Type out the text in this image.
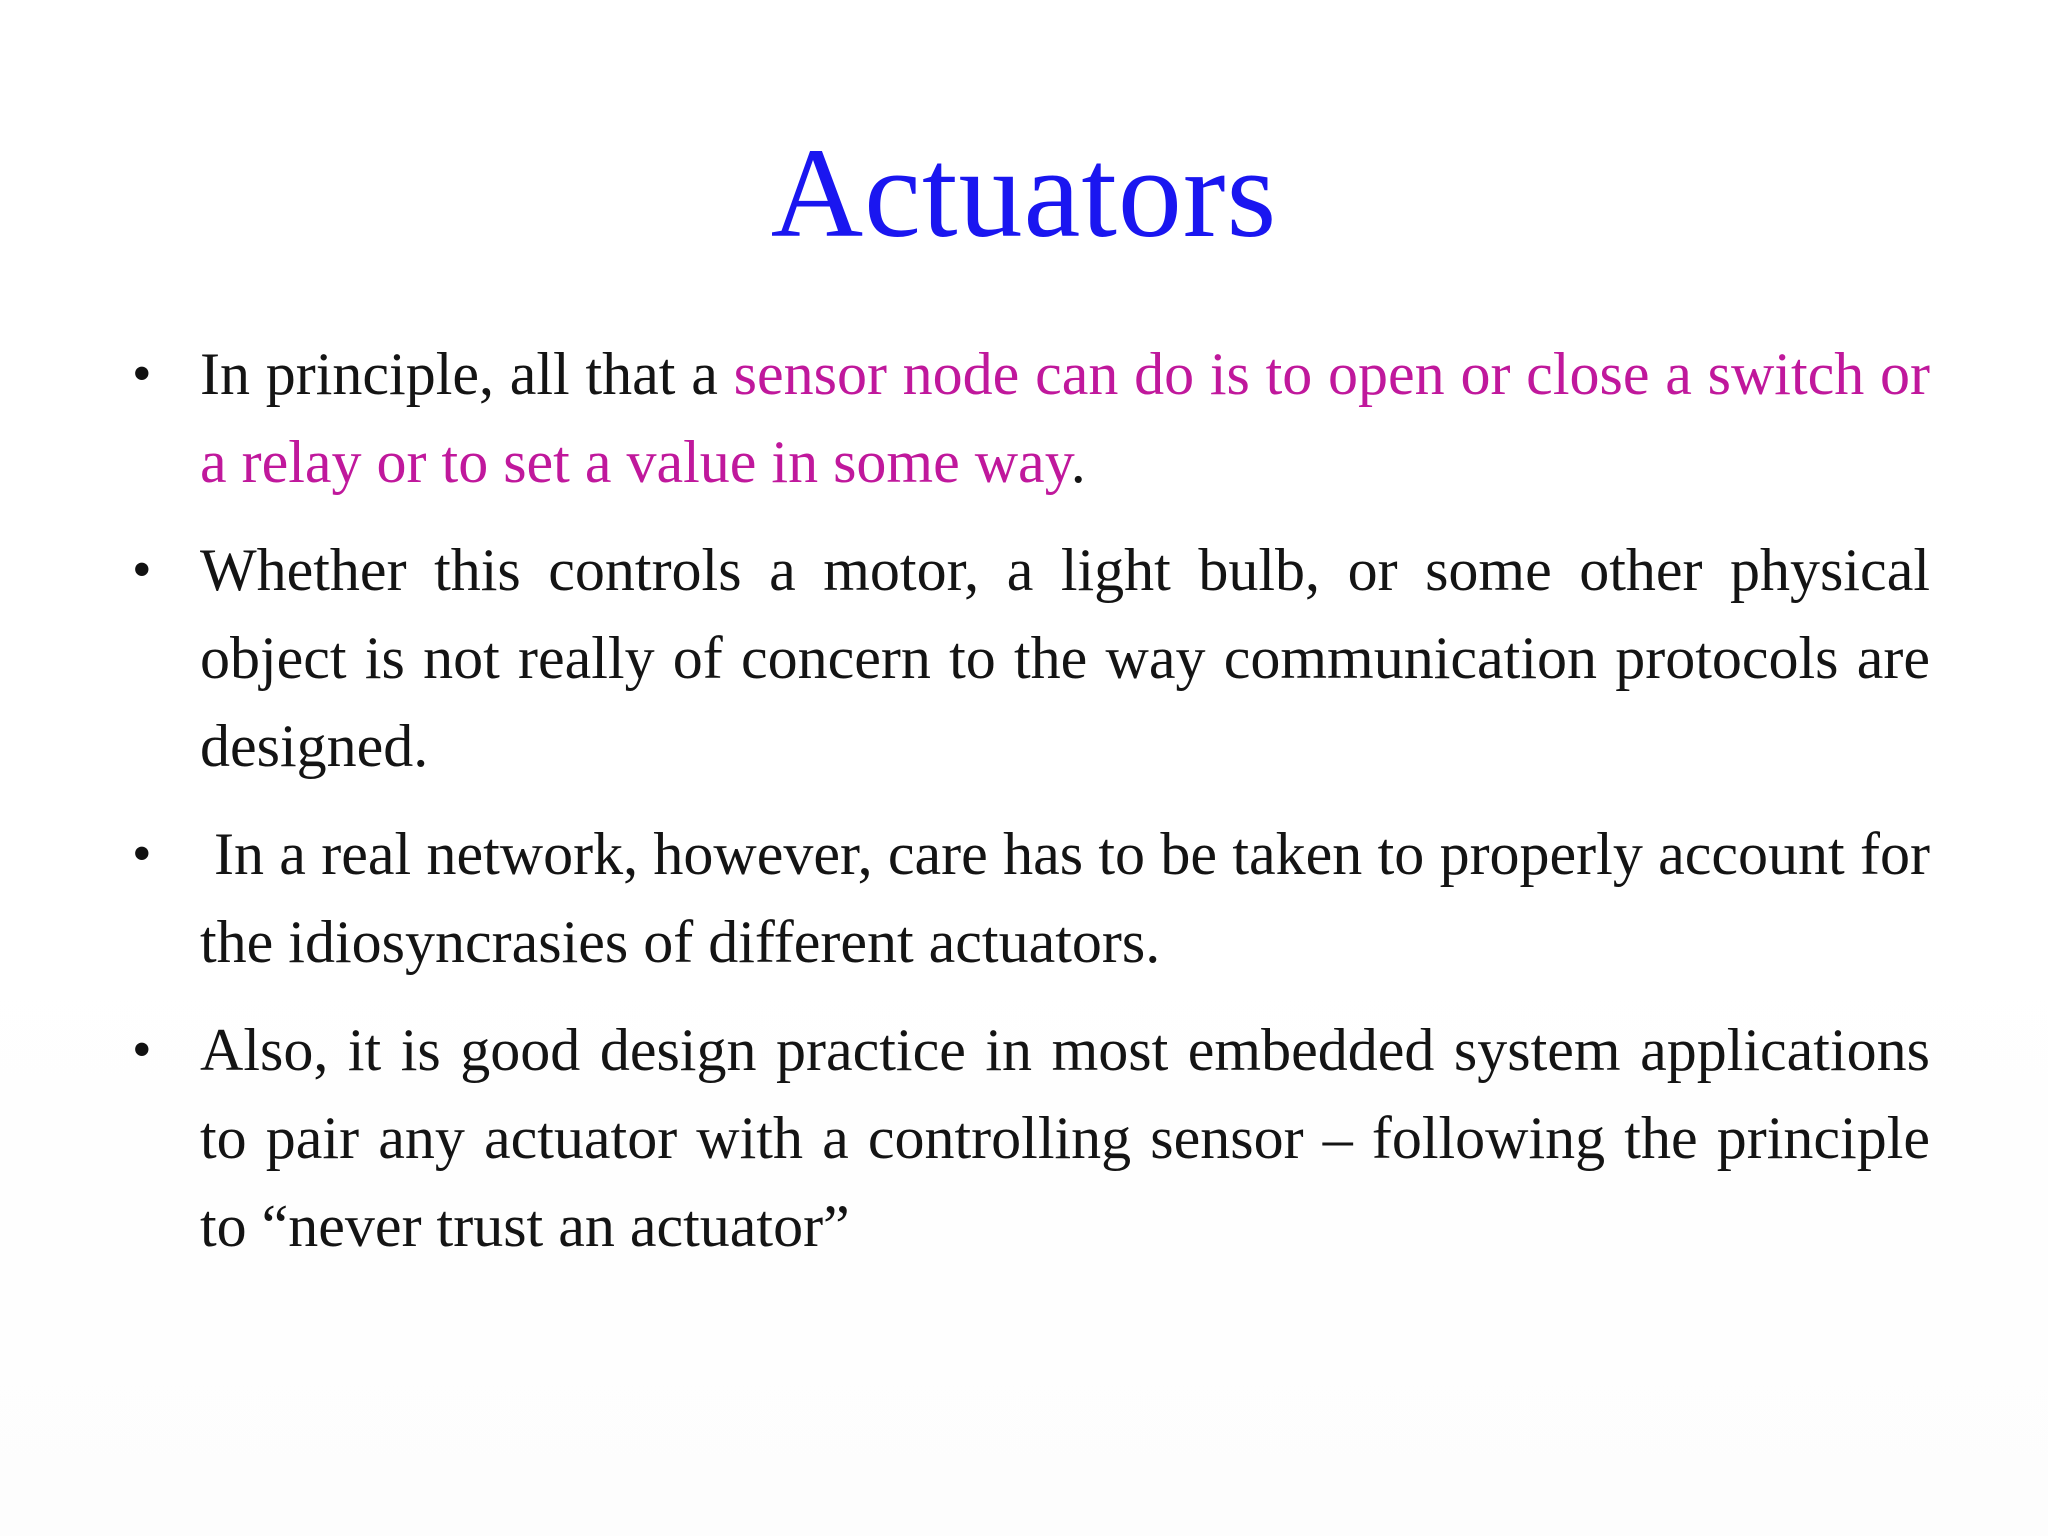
Actuators
• In principle, all that a sensor node can do is to open or close a switch or a relay or to set a value in some way.
• Whether this controls a motor, a light bulb, or some other physical object is not really of concern to the way communication protocols are designed.
•	In a real network, however, care has to be taken to properly account for the idiosyncrasies of different actuators.
• Also, it is good design practice in most embedded system applications to pair any actuator with a controlling sensor – following the principle to “never trust an actuator”
